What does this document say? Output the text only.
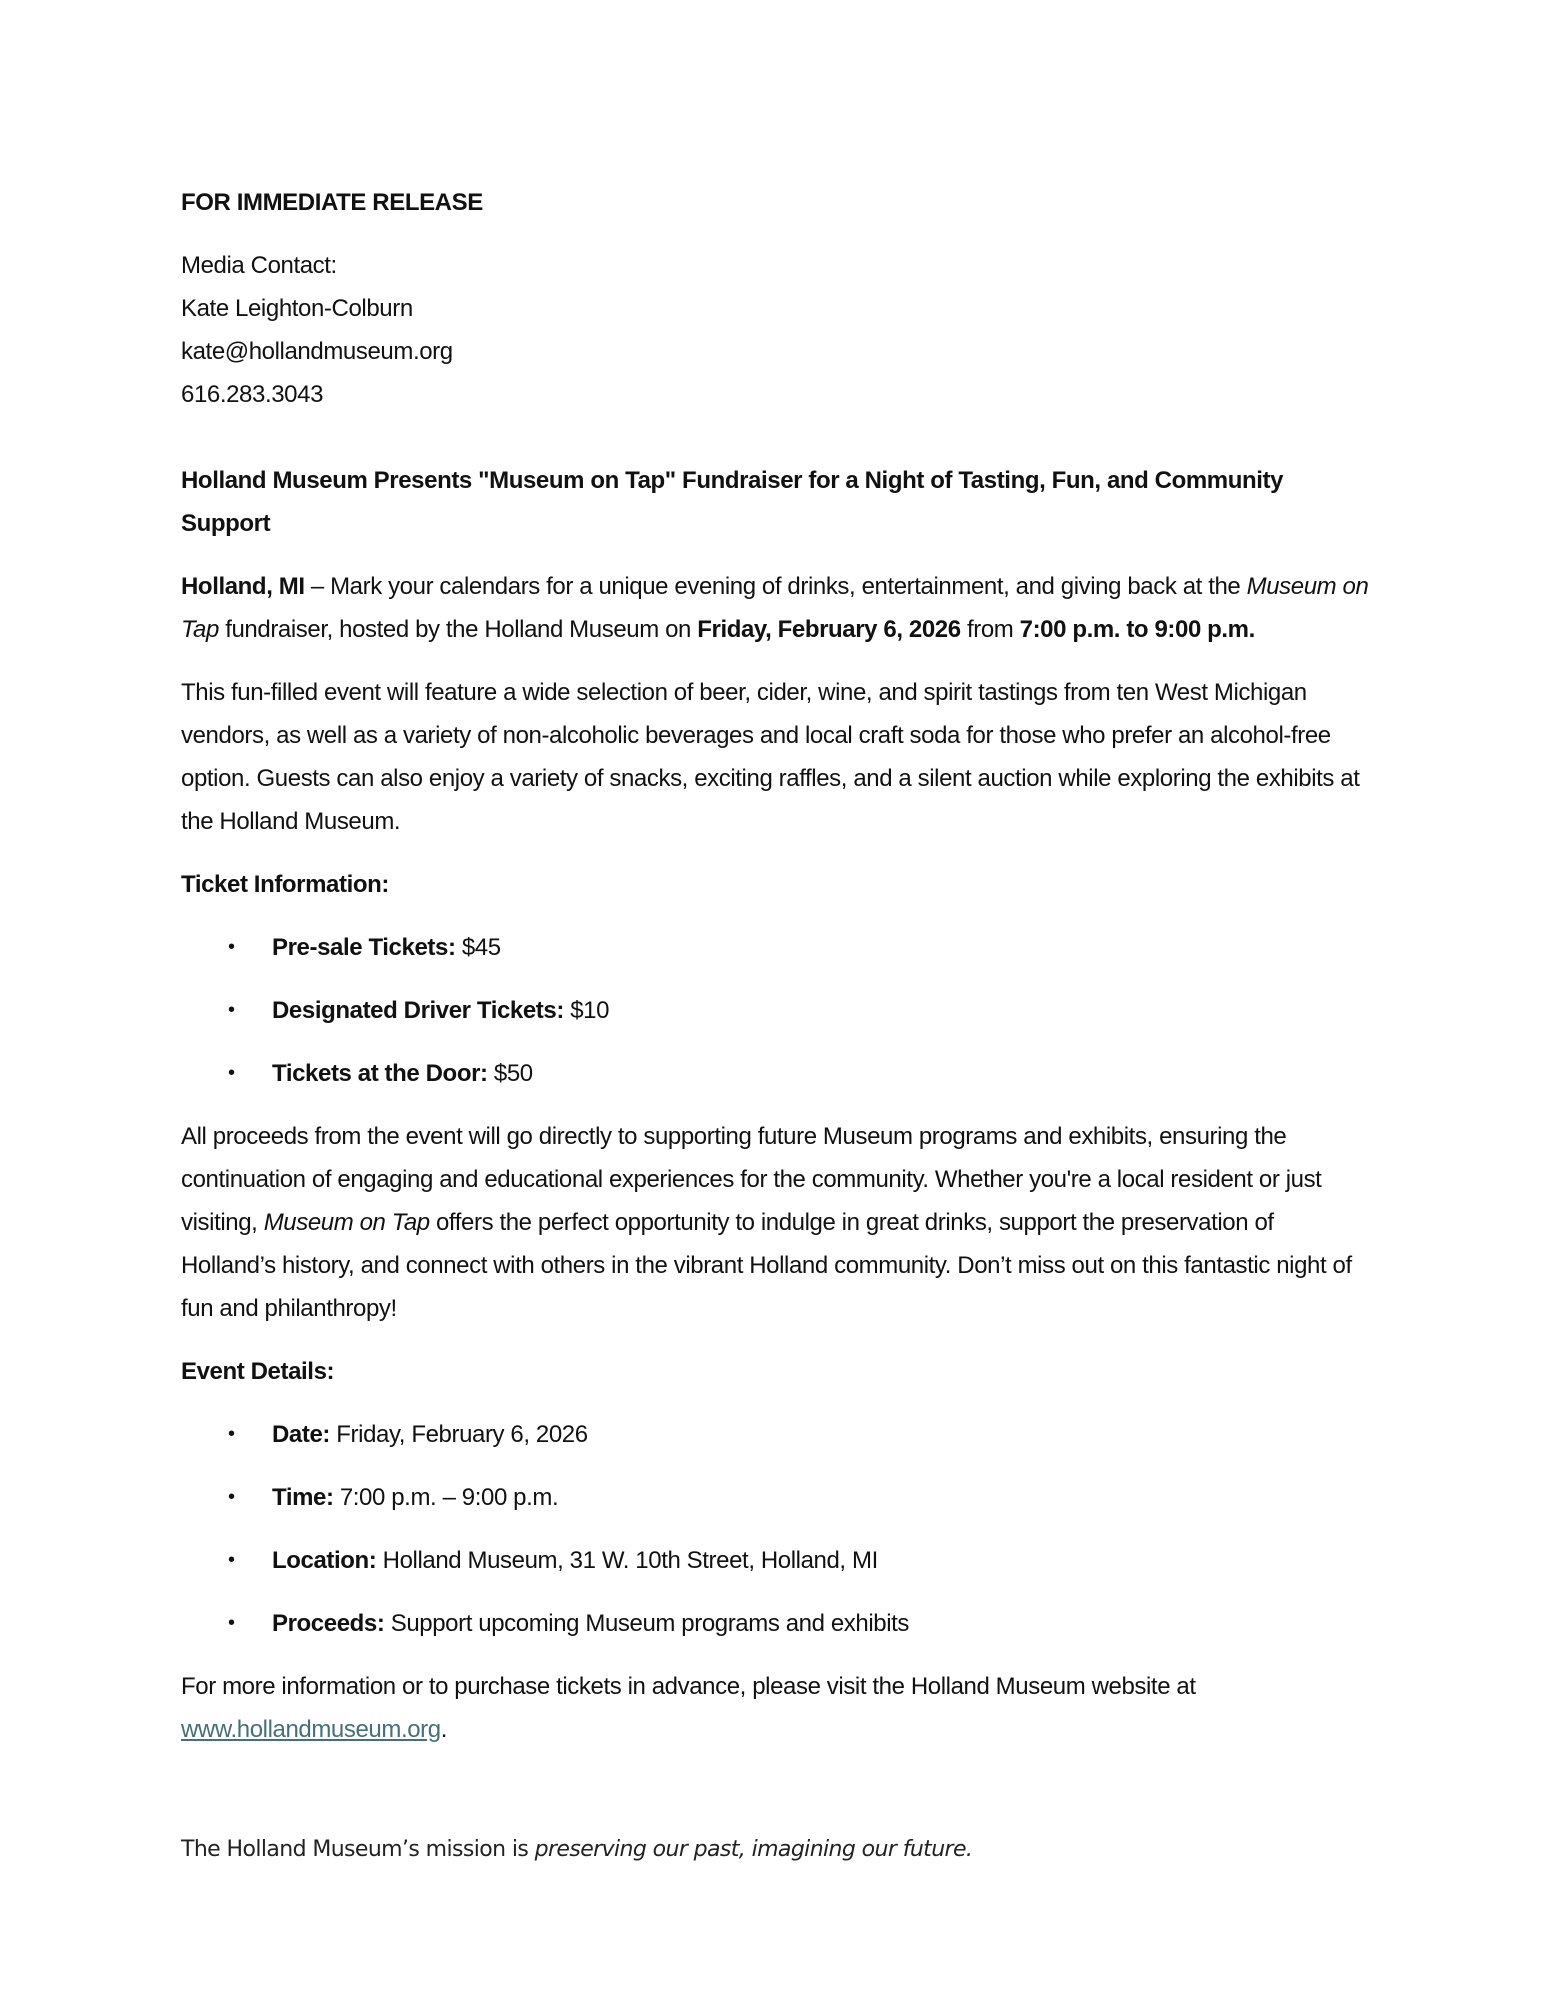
FOR IMMEDIATE RELEASE

Media Contact:

Kate Leighton-Colburn

kate@hollandmuseum.org

616.283.3043

Holland Museum Presents "Museum on Tap" Fundraiser for a Night of Tasting, Fun, and Community Support

Holland, MI – Mark your calendars for a unique evening of drinks, entertainment, and giving back at the Museum on Tap fundraiser, hosted by the Holland Museum on Friday, February 6, 2026 from 7:00 p.m. to 9:00 p.m.

This fun-filled event will feature a wide selection of beer, cider, wine, and spirit tastings from ten West Michigan vendors, as well as a variety of non-alcoholic beverages and local craft soda for those who prefer an alcohol-free option. Guests can also enjoy a variety of snacks, exciting raffles, and a silent auction while exploring the exhibits at the Holland Museum.

Ticket Information:

• Pre-sale Tickets: $45
• Designated Driver Tickets: $10
• Tickets at the Door: $50

All proceeds from the event will go directly to supporting future Museum programs and exhibits, ensuring the continuation of engaging and educational experiences for the community. Whether you're a local resident or just visiting, Museum on Tap offers the perfect opportunity to indulge in great drinks, support the preservation of Holland’s history, and connect with others in the vibrant Holland community. Don’t miss out on this fantastic night of fun and philanthropy!

Event Details:

• Date: Friday, February 6, 2026
• Time: 7:00 p.m. – 9:00 p.m.
• Location: Holland Museum, 31 W. 10th Street, Holland, MI
• Proceeds: Support upcoming Museum programs and exhibits

For more information or to purchase tickets in advance, please visit the Holland Museum website at www.hollandmuseum.org.

The Holland Museum’s mission is preserving our past, imagining our future.
